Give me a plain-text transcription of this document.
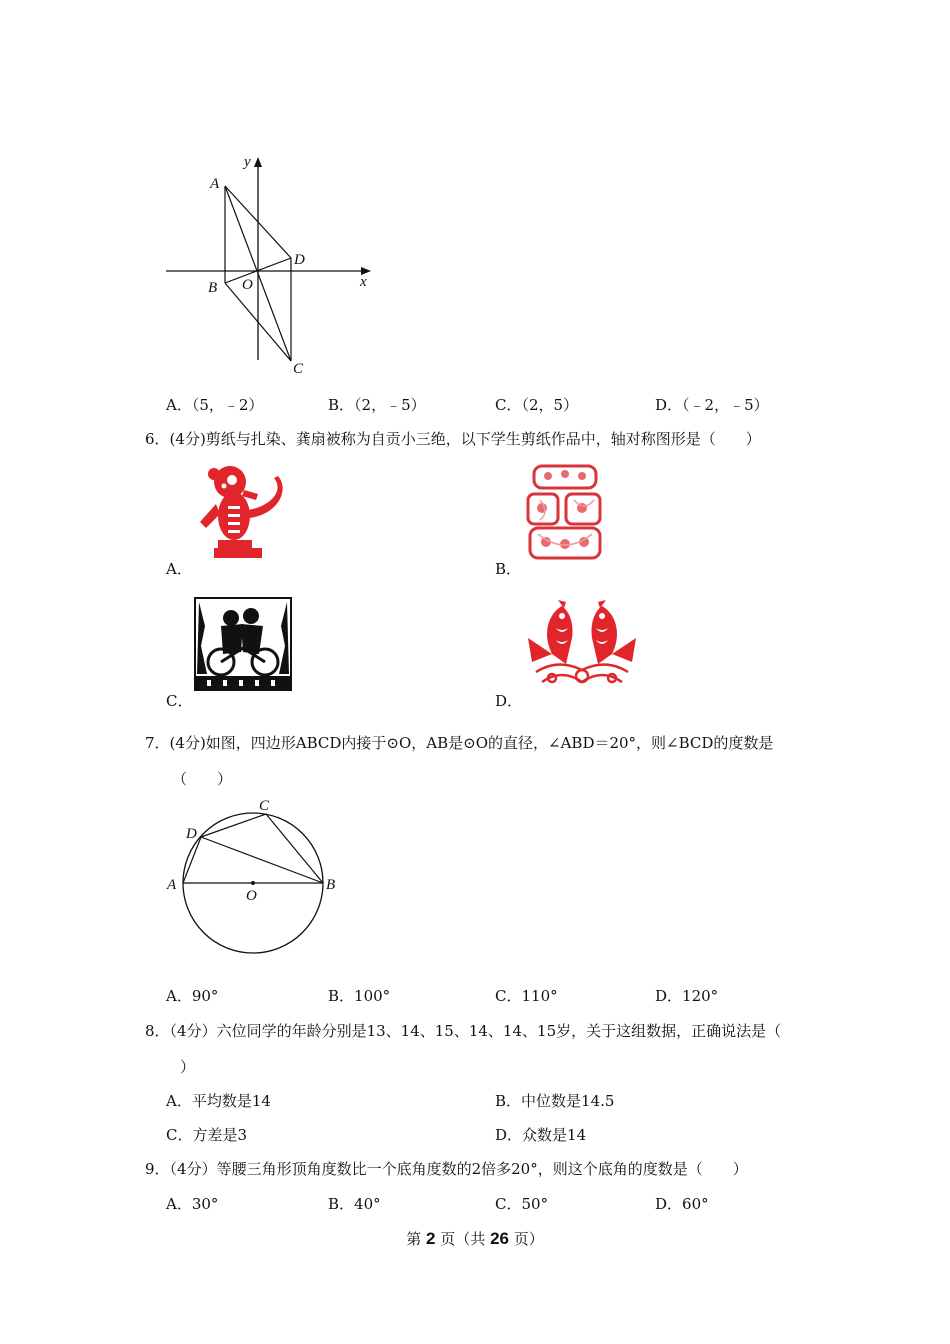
y
A
D
B O	x
C
A．（5，﹣2）	B．（2，﹣5）	C．（2，5）	D．（﹣2，﹣5）
6．(4分)剪纸与扎染、龚扇被称为自贡小三绝，以下学生剪纸作品中，轴对称图形是（　　）
A．	B．
C．	D．
7．(4分)如图，四边形ABCD内接于⊙O，AB是⊙O的直径，∠ABD＝20°，则∠BCD的度数是
（　　）
C
D
A	B
O
A．90°	B．100°	C．110°	D．120°
8．（4分）六位同学的年龄分别是13、14、15、14、14、15岁，关于这组数据，正确说法是（
）
A．平均数是14	B．中位数是14.5
C．方差是3	D．众数是14
9．（4分）等腰三角形顶角度数比一个底角度数的2倍多20°，则这个底角的度数是（　　）
A．30°	B．40°	C．50°	D．60°
第 2 页（共 26 页）
